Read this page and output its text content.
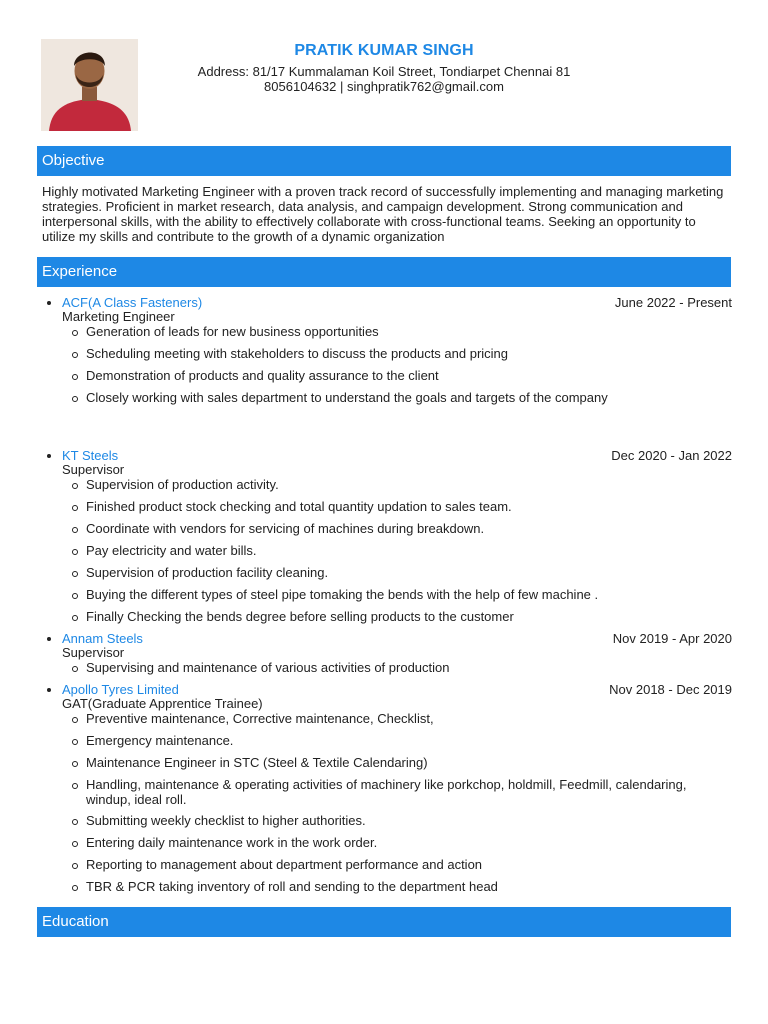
PRATIK KUMAR SINGH
Address: 81/17 Kummalaman Koil Street, Tondiarpet Chennai 81
8056104632 | singhpratik762@gmail.com
Objective
Highly motivated Marketing Engineer with a proven track record of successfully implementing and managing marketing strategies. Proficient in market research, data analysis, and campaign development. Strong communication and interpersonal skills, with the ability to effectively collaborate with cross-functional teams. Seeking an opportunity to utilize my skills and contribute to the growth of a dynamic organization
Experience
ACF(A Class Fasteners)	June 2022 - Present
Marketing Engineer
Generation of leads for new business opportunities
Scheduling meeting with stakeholders to discuss the products and pricing
Demonstration of products and quality assurance to the client
Closely working with sales department to understand the goals and targets of the company
KT Steels	Dec 2020 - Jan 2022
Supervisor
Supervision of production activity.
Finished product stock checking and total quantity updation to sales team.
Coordinate with vendors for servicing of machines during breakdown.
Pay electricity and water bills.
Supervision of production facility cleaning.
Buying the different types of steel pipe tomaking the bends with the help of few machine .
Finally Checking the bends degree before selling products to the customer
Annam Steels	Nov 2019 - Apr 2020
Supervisor
Supervising and maintenance of various activities of production
Apollo Tyres Limited	Nov 2018 - Dec 2019
GAT(Graduate Apprentice Trainee)
Preventive maintenance, Corrective maintenance, Checklist,
Emergency maintenance.
Maintenance Engineer in STC (Steel & Textile Calendaring)
Handling, maintenance & operating activities of machinery like porkchop, holdmill, Feedmill, calendaring, windup, ideal roll.
Submitting weekly checklist to higher authorities.
Entering daily maintenance work in the work order.
Reporting to management about department performance and action
TBR & PCR taking inventory of roll and sending to the department head
Education
